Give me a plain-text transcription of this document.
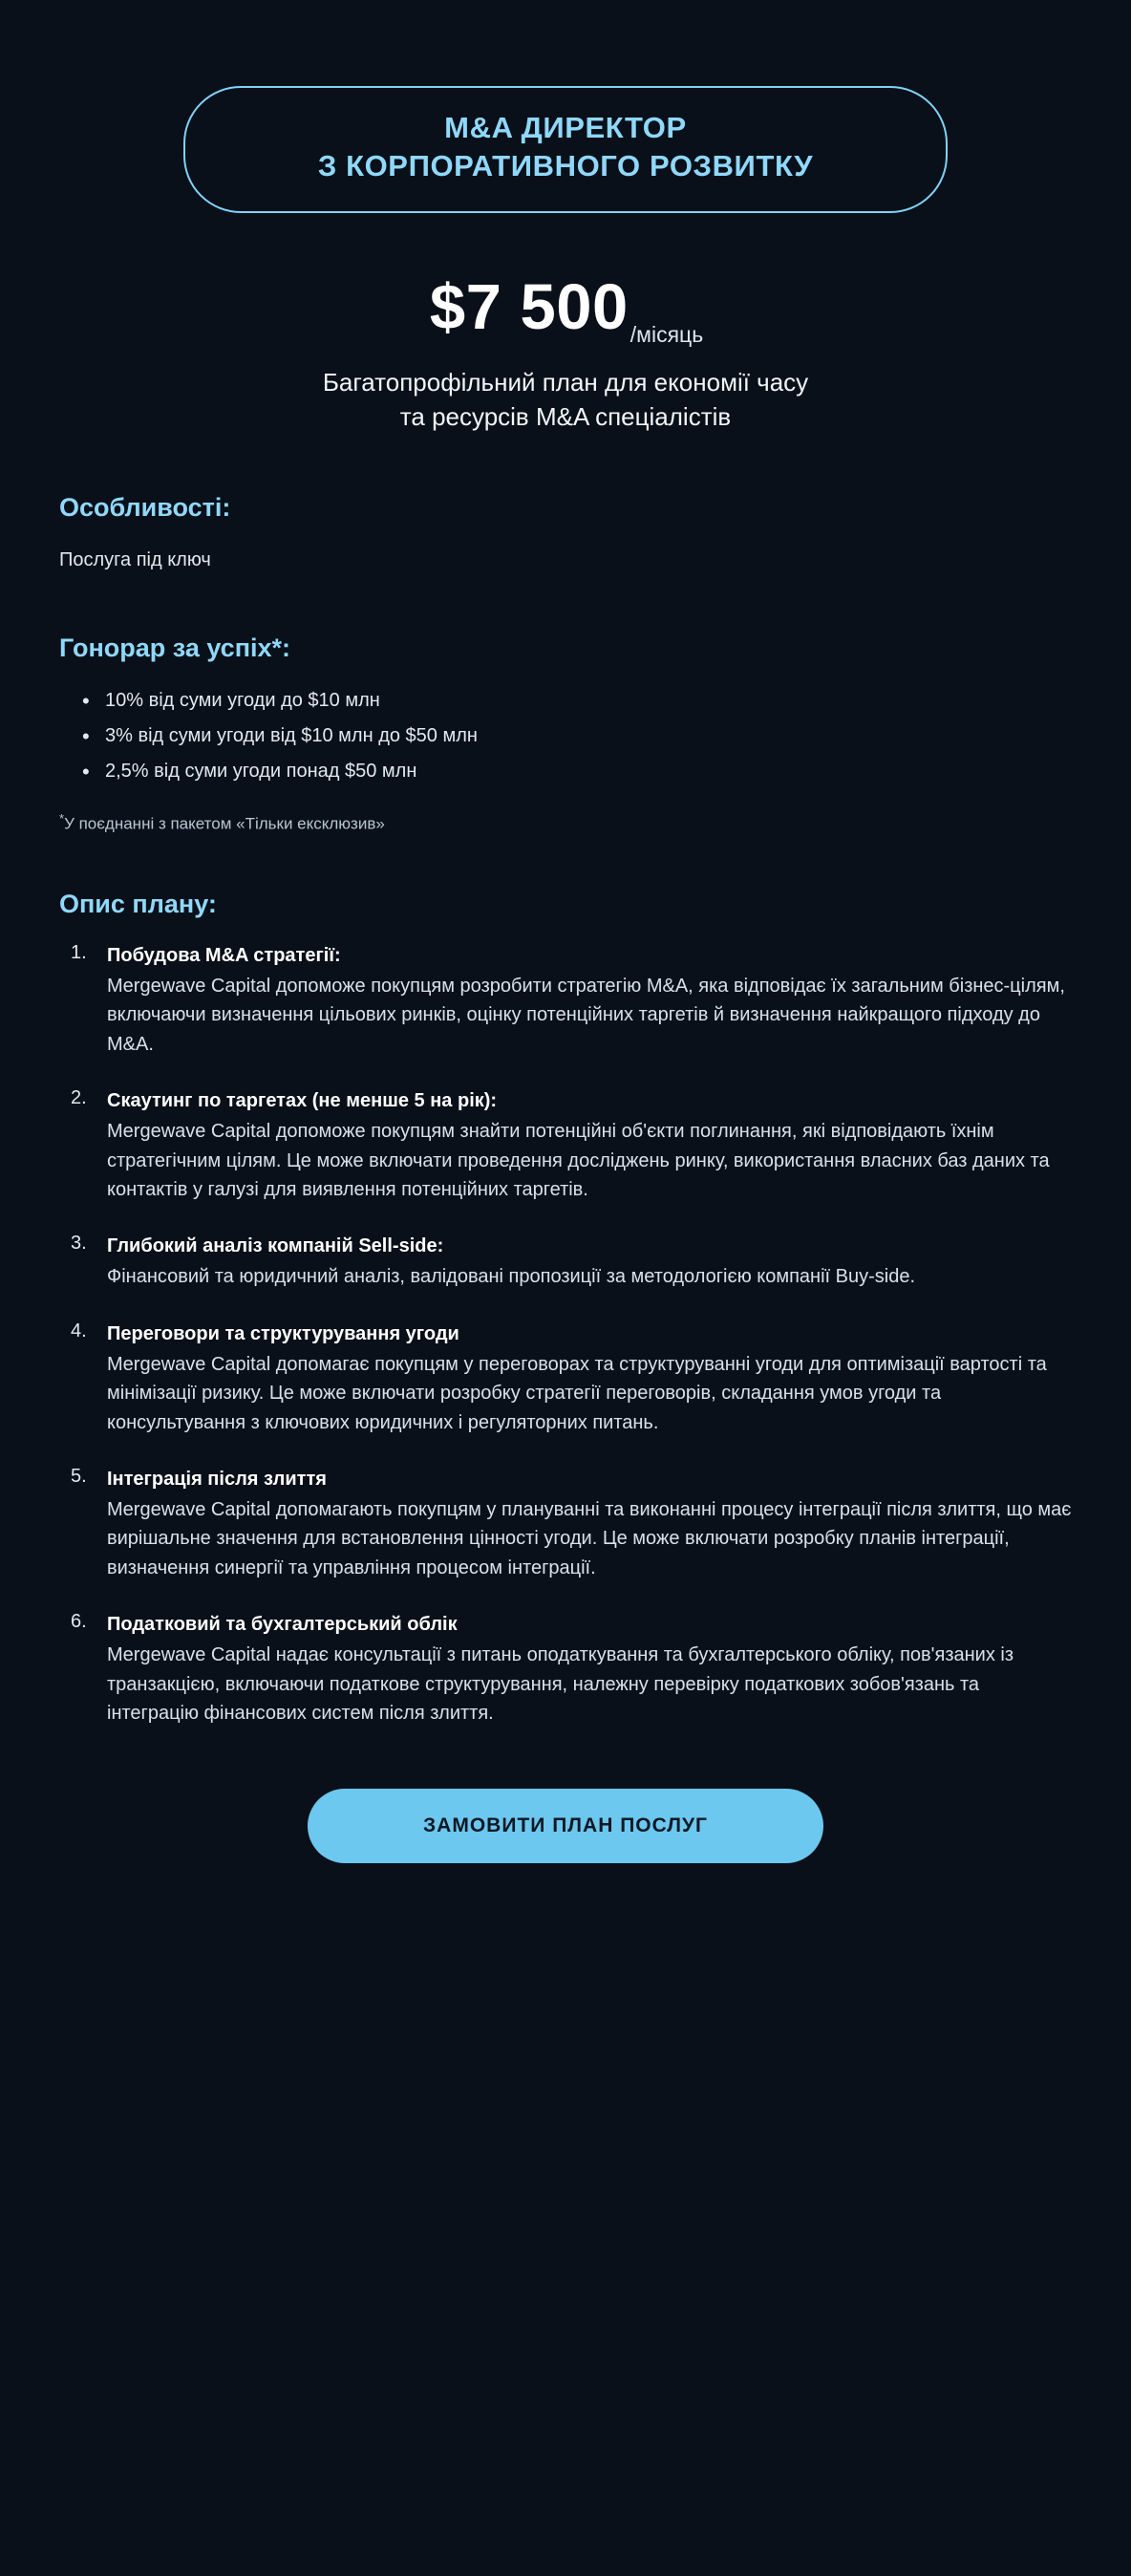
M&A ДИРЕКТОР
З КОРПОРАТИВНОГО РОЗВИТКУ
$7 500/місяць
Багатопрофільний план для економії часу
та ресурсів M&A спеціалістів
Особливості:

Послуга під ключ

Гонорар за успіх*:
• 10% від суми угоди до $10 млн
• 3% від суми угоди від $10 млн до $50 млн
• 2,5% від суми угоди понад $50 млн

*У поєднанні з пакетом «Тільки ексклюзив»

Опис плану:
Побудова M&A стратегії:
Mergewave Capital допоможе покупцям розробити стратегію M&A, яка відповідає їх загальним бізнес-цілям, включаючи визначення цільових ринків, оцінку потенційних таргетів й визначення найкращого підходу до M&A.
Скаутинг по таргетах (не менше 5 на рік):
Mergewave Capital допоможе покупцям знайти потенційні об'єкти поглинання, які відповідають їхнім стратегічним цілям. Це може включати проведення досліджень ринку, використання власних баз даних та контактів у галузі для виявлення потенційних таргетів.
Глибокий аналіз компаній Sell-side:
Фінансовий та юридичний аналіз, валідовані пропозиції за методологією компанії Buy-side.
Переговори та структурування угоди
Mergewave Capital допомагає покупцям у переговорах та структуруванні угоди для оптимізації вартості та мінімізації ризику. Це може включати розробку стратегії переговорів, складання умов угоди та консультування з ключових юридичних і регуляторних питань.
Інтеграція після злиття
Mergewave Capital допомагають покупцям у плануванні та виконанні процесу інтеграції після злиття, що має вирішальне значення для встановлення цінності угоди. Це може включати розробку планів інтеграції, визначення синергії та управління процесом інтеграції.
Податковий та бухгалтерський облік
Mergewave Capital надає консультації з питань оподаткування та бухгалтерського обліку, пов'язаних із транзакцією, включаючи податкове структурування, належну перевірку податкових зобов'язань та інтеграцію фінансових систем після злиття.
ЗАМОВИТИ ПЛАН ПОСЛУГ
